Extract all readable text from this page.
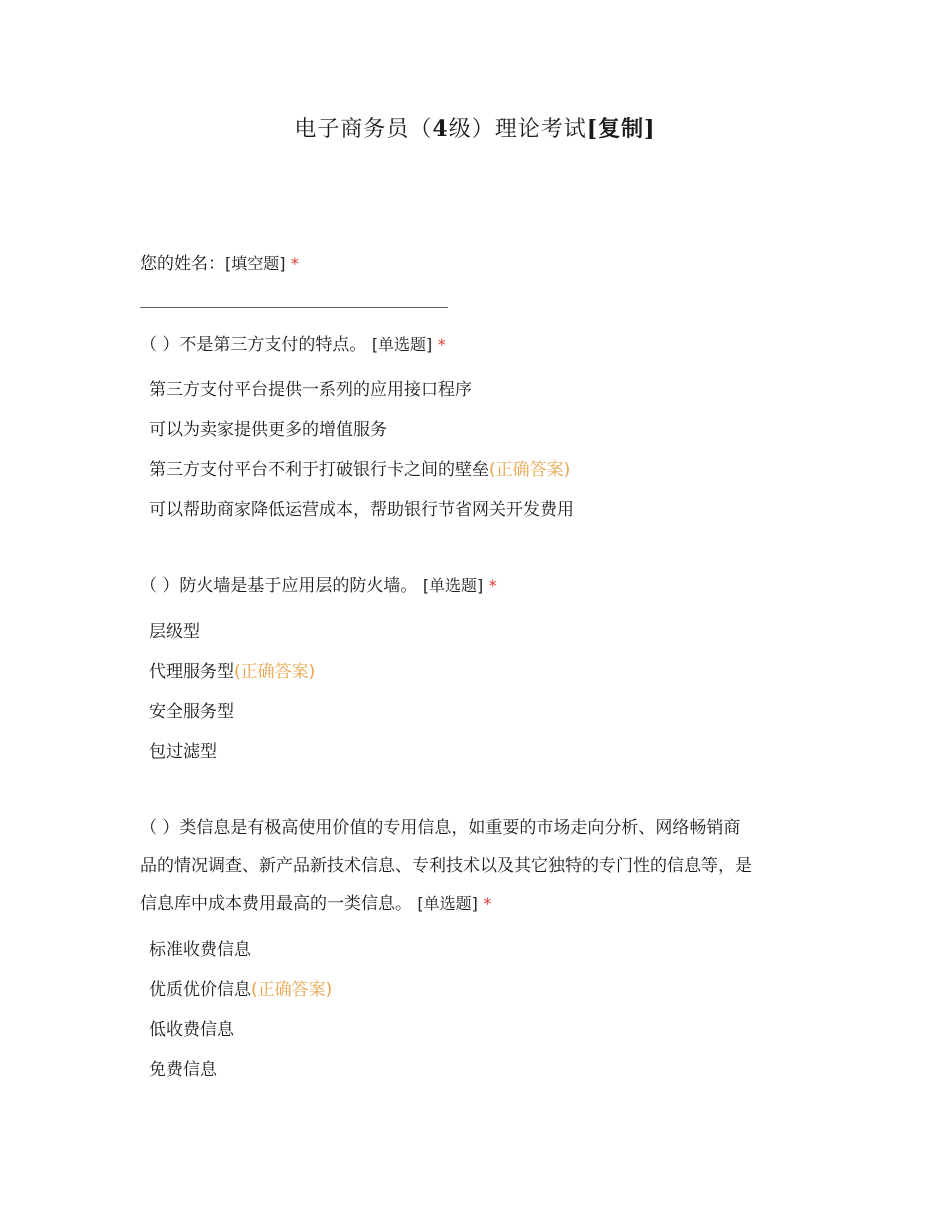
电子商务员（4级）理论考试[复制]
您的姓名：[填空题] *
（ ）不是第三方支付的特点。 [单选题] *
第三方支付平台提供一系列的应用接口程序
可以为卖家提供更多的增值服务
第三方支付平台不利于打破银行卡之间的壁垒(正确答案)
可以帮助商家降低运营成本，帮助银行节省网关开发费用
（ ）防火墙是基于应用层的防火墙。 [单选题] *
层级型
代理服务型(正确答案)
安全服务型
包过滤型
（ ）类信息是有极高使用价值的专用信息，如重要的市场走向分析、网络畅销商
品的情况调查、新产品新技术信息、专利技术以及其它独特的专门性的信息等，是
信息库中成本费用最高的一类信息。 [单选题] *
标准收费信息
优质优价信息(正确答案)
低收费信息
免费信息
